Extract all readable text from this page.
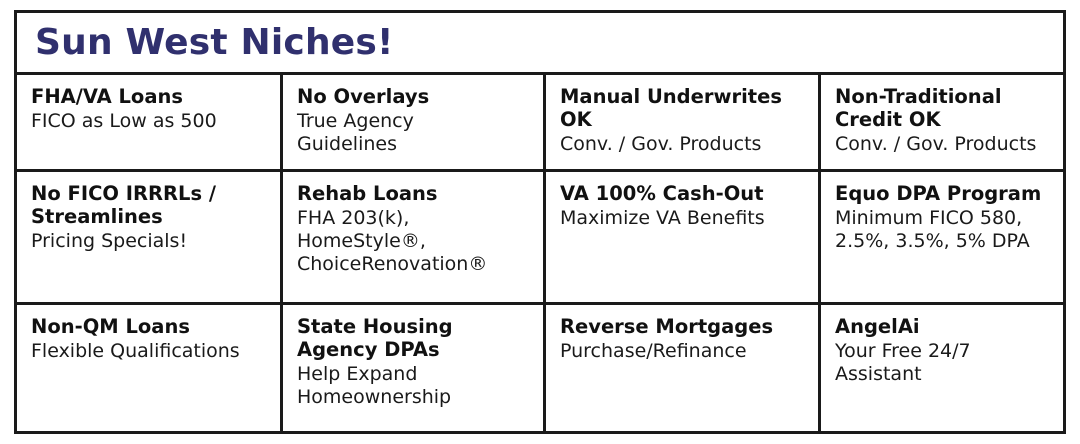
Sun West Niches!
FHA/VA Loans
FICO as Low as 500
No Overlays
True Agency
Guidelines
Manual Underwrites OK
Conv. / Gov. Products
Non-Traditional Credit OK
Conv. / Gov. Products
No FICO IRRRLs / Streamlines
Pricing Specials!
Rehab Loans
FHA 203(k),
HomeStyle®,
ChoiceRenovation®
VA 100% Cash-Out
Maximize VA Benefits
Equo DPA Program
Minimum FICO 580,
2.5%, 3.5%, 5% DPA
Non-QM Loans
Flexible Qualifications
State Housing Agency DPAs
Help Expand
Homeownership
Reverse Mortgages
Purchase/Refinance
AngelAi
Your Free 24/7
Assistant
